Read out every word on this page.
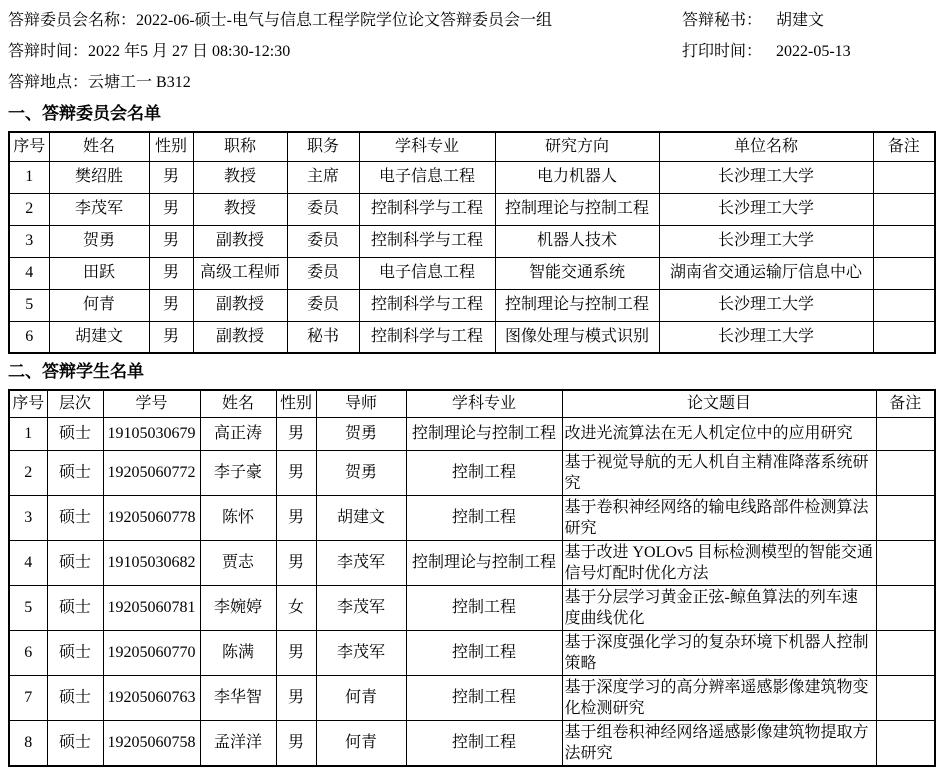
答辩委员会名称：2022-06-硕士-电气与信息工程学院学位论文答辩委员会一组	答辩秘书： 胡建文
答辩时间：2022 年5 月 27 日 08:30-12:30	打印时间： 2022-05-13
答辩地点：云塘工一 B312
一、答辩委员会名单
序号	姓名	性别	职称	职务	学科专业	研究方向	单位名称	备注
1	樊绍胜	男	教授	主席	电子信息工程	电力机器人	长沙理工大学	
2	李茂军	男	教授	委员	控制科学与工程	控制理论与控制工程	长沙理工大学	
3	贺勇	男	副教授	委员	控制科学与工程	机器人技术	长沙理工大学	
4	田跃	男	高级工程师	委员	电子信息工程	智能交通系统	湖南省交通运输厅信息中心	
5	何青	男	副教授	委员	控制科学与工程	控制理论与控制工程	长沙理工大学	
6	胡建文	男	副教授	秘书	控制科学与工程	图像处理与模式识别	长沙理工大学	
二、答辩学生名单
序号	层次	学号	姓名	性别	导师	学科专业	论文题目	备注
1	硕士	19105030679	高正涛	男	贺勇	控制理论与控制工程	改进光流算法在无人机定位中的应用研究	
2	硕士	19205060772	李子豪	男	贺勇	控制工程	基于视觉导航的无人机自主精准降落系统研究	
3	硕士	19205060778	陈怀	男	胡建文	控制工程	基于卷积神经网络的输电线路部件检测算法研究	
4	硕士	19105030682	贾志	男	李茂军	控制理论与控制工程	基于改进 YOLOv5 目标检测模型的智能交通信号灯配时优化方法	
5	硕士	19205060781	李婉婷	女	李茂军	控制工程	基于分层学习黄金正弦-鲸鱼算法的列车速度曲线优化	
6	硕士	19205060770	陈满	男	李茂军	控制工程	基于深度强化学习的复杂环境下机器人控制策略	
7	硕士	19205060763	李华智	男	何青	控制工程	基于深度学习的高分辨率遥感影像建筑物变化检测研究	
8	硕士	19205060758	孟洋洋	男	何青	控制工程	基于组卷积神经网络遥感影像建筑物提取方法研究	
